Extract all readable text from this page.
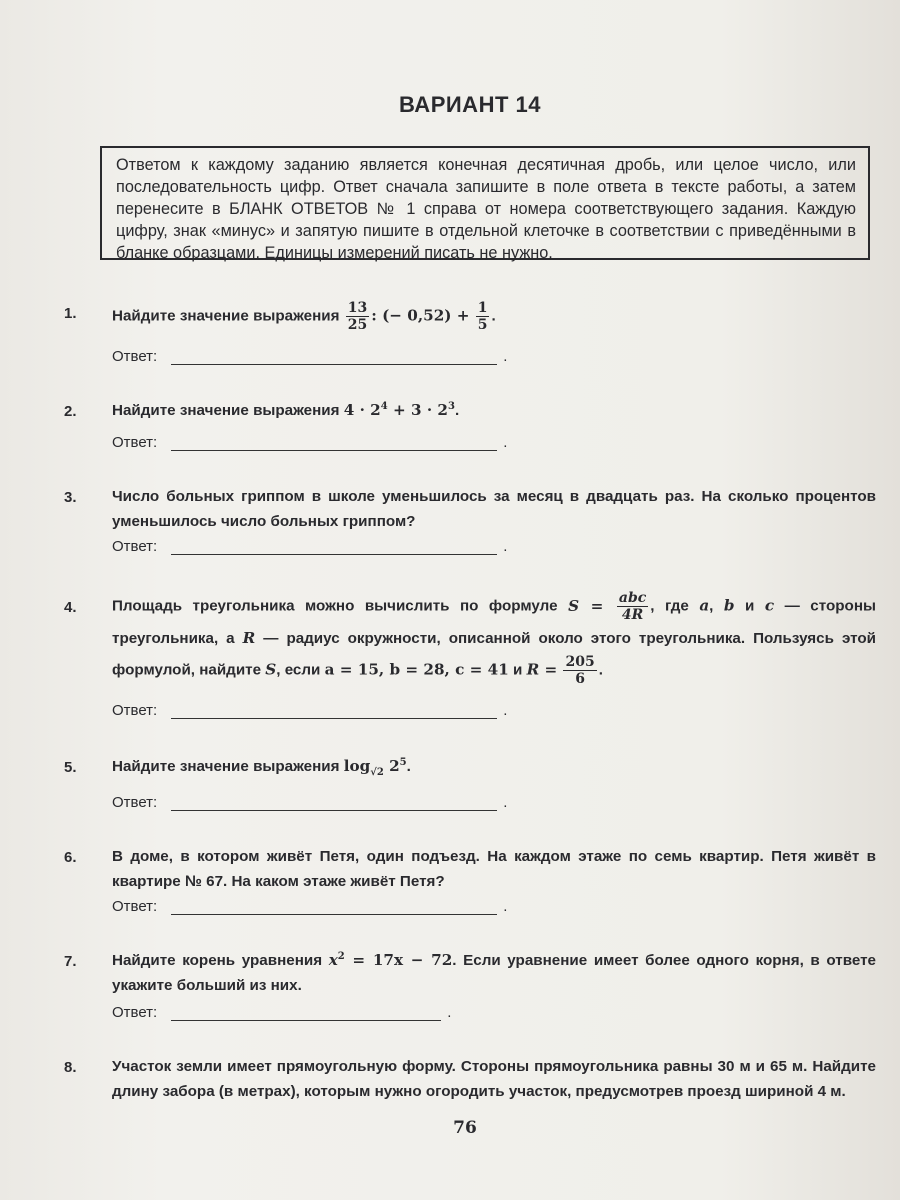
ВАРИАНТ 14
Ответом к каждому заданию является конечная десятичная дробь, или целое число, или последовательность цифр. Ответ сначала запишите в поле ответа в тексте работы, а затем перенесите в БЛАНК ОТВЕТОВ № 1 справа от номера соответствующего задания. Каждую цифру, знак «минус» и запятую пишите в отдельной клеточке в соответствии с приведёнными в бланке образцами. Единицы измерений писать не нужно.
1. Найдите значение выражения $\frac{13}{25}$ : (− $0,52) + \frac{1}{5}$ .
Ответ:	.
2. Найдите значение выражения $4 \cdot 2^4 + 3 \cdot 2^3$.
Ответ:	.
3. Число больных гриппом в школе уменьшилось за месяц в двадцать раз. На сколько процентов уменьшилось число больных гриппом?
Ответ:	.
4. Площадь треугольника можно вычислить по формуле $S = \frac{\text{abc}}{4R}$ , где a, b и c — стороны треугольника, а R — радиус окружности, описанной около этого треугольника. Пользуясь этой формулой, найдите S, если a = 15, b = 28, c = 41 и $R = \frac{205}{6}$ .
Ответ:	.
5. Найдите значение выражения $\log_{√2} 2^5$.
Ответ:	.
6. В доме, в котором живёт Петя, один подъезд. На каждом этаже по семь квартир. Петя живёт в квартире № 67. На каком этаже живёт Петя?
Ответ:	.
7. Найдите корень уравнения $x^2 = 17x - 72$. Если уравнение имеет более одного корня, в ответе укажите больший из них.
Ответ:	.
8. Участок земли имеет прямоугольную форму. Стороны прямоугольника равны 30 м и 65 м. Найдите длину забора (в метрах), которым нужно огородить участок, предусмотрев проезд шириной 4 м.
76
